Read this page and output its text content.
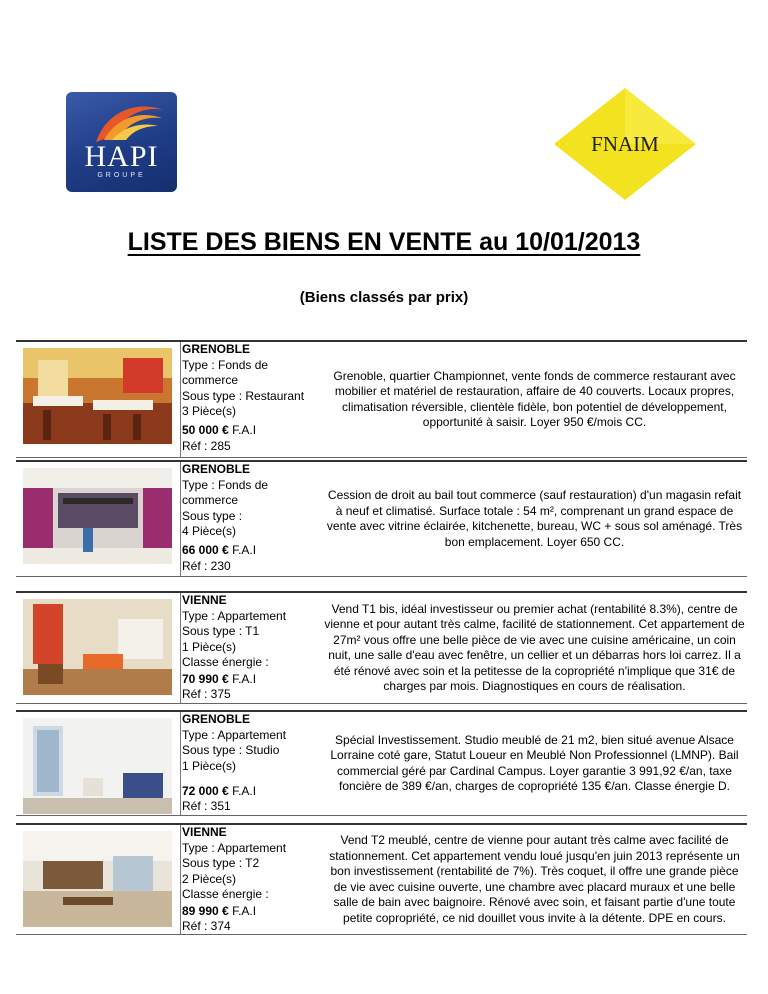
HAPI
GROUPE
FNAIM
LISTE DES BIENS EN VENTE au 10/01/2013
(Biens classés par prix)
GRENOBLE
Type : Fonds de commerce
Sous type : Restaurant
3 Pièce(s)
50 000 € F.A.I
Réf : 285
Grenoble, quartier Championnet, vente fonds de commerce restaurant avec mobilier et matériel de restauration, affaire de 40 couverts. Locaux propres, climatisation réversible, clientèle fidèle, bon potentiel de développement, opportunité à saisir. Loyer 950 €/mois CC.
GRENOBLE
Type : Fonds de commerce
Sous type :
4 Pièce(s)
66 000 € F.A.I
Réf : 230
Cession de droit au bail tout commerce (sauf restauration) d'un magasin refait à neuf et climatisé. Surface totale : 54 m², comprenant un grand espace de vente avec vitrine éclairée, kitchenette, bureau, WC + sous sol aménagé. Très bon emplacement. Loyer 650 CC.
VIENNE
Type : Appartement
Sous type : T1
1 Pièce(s)
Classe énergie :
70 990 € F.A.I
Réf : 375
Vend T1 bis, idéal investisseur ou premier achat (rentabilité 8.3%), centre de vienne et pour autant très calme, facilité de stationnement. Cet appartement de 27m² vous offre une belle pièce de vie avec une cuisine américaine, un coin nuit, une salle d'eau avec fenêtre, un cellier et un débarras hors loi carrez. Il a été rénové avec soin et la petitesse de la copropriété n'implique que 31€ de charges par mois. Diagnostiques en cours de réalisation.
GRENOBLE
Type : Appartement
Sous type : Studio
1 Pièce(s)
72 000 € F.A.I
Réf : 351
Spécial Investissement. Studio meublé de 21 m2, bien situé avenue Alsace Lorraine coté gare, Statut Loueur en Meublé Non Professionnel (LMNP). Bail commercial géré par Cardinal Campus. Loyer garantie 3 991,92 €/an, taxe foncière de 389 €/an, charges de copropriété 135 €/an. Classe énergie D.
VIENNE
Type : Appartement
Sous type : T2
2 Pièce(s)
Classe énergie :
89 990 € F.A.I
Réf : 374
Vend T2 meublé, centre de vienne pour autant très calme avec facilité de stationnement. Cet appartement vendu loué jusqu'en juin 2013 représente un bon investissement (rentabilité de 7%). Très coquet, il offre une grande pièce de vie avec cuisine ouverte, une chambre avec placard muraux et une belle salle de bain avec baignoire. Rénové avec soin, et faisant partie d'une toute petite copropriété, ce nid douillet vous invite à la détente. DPE en cours.
